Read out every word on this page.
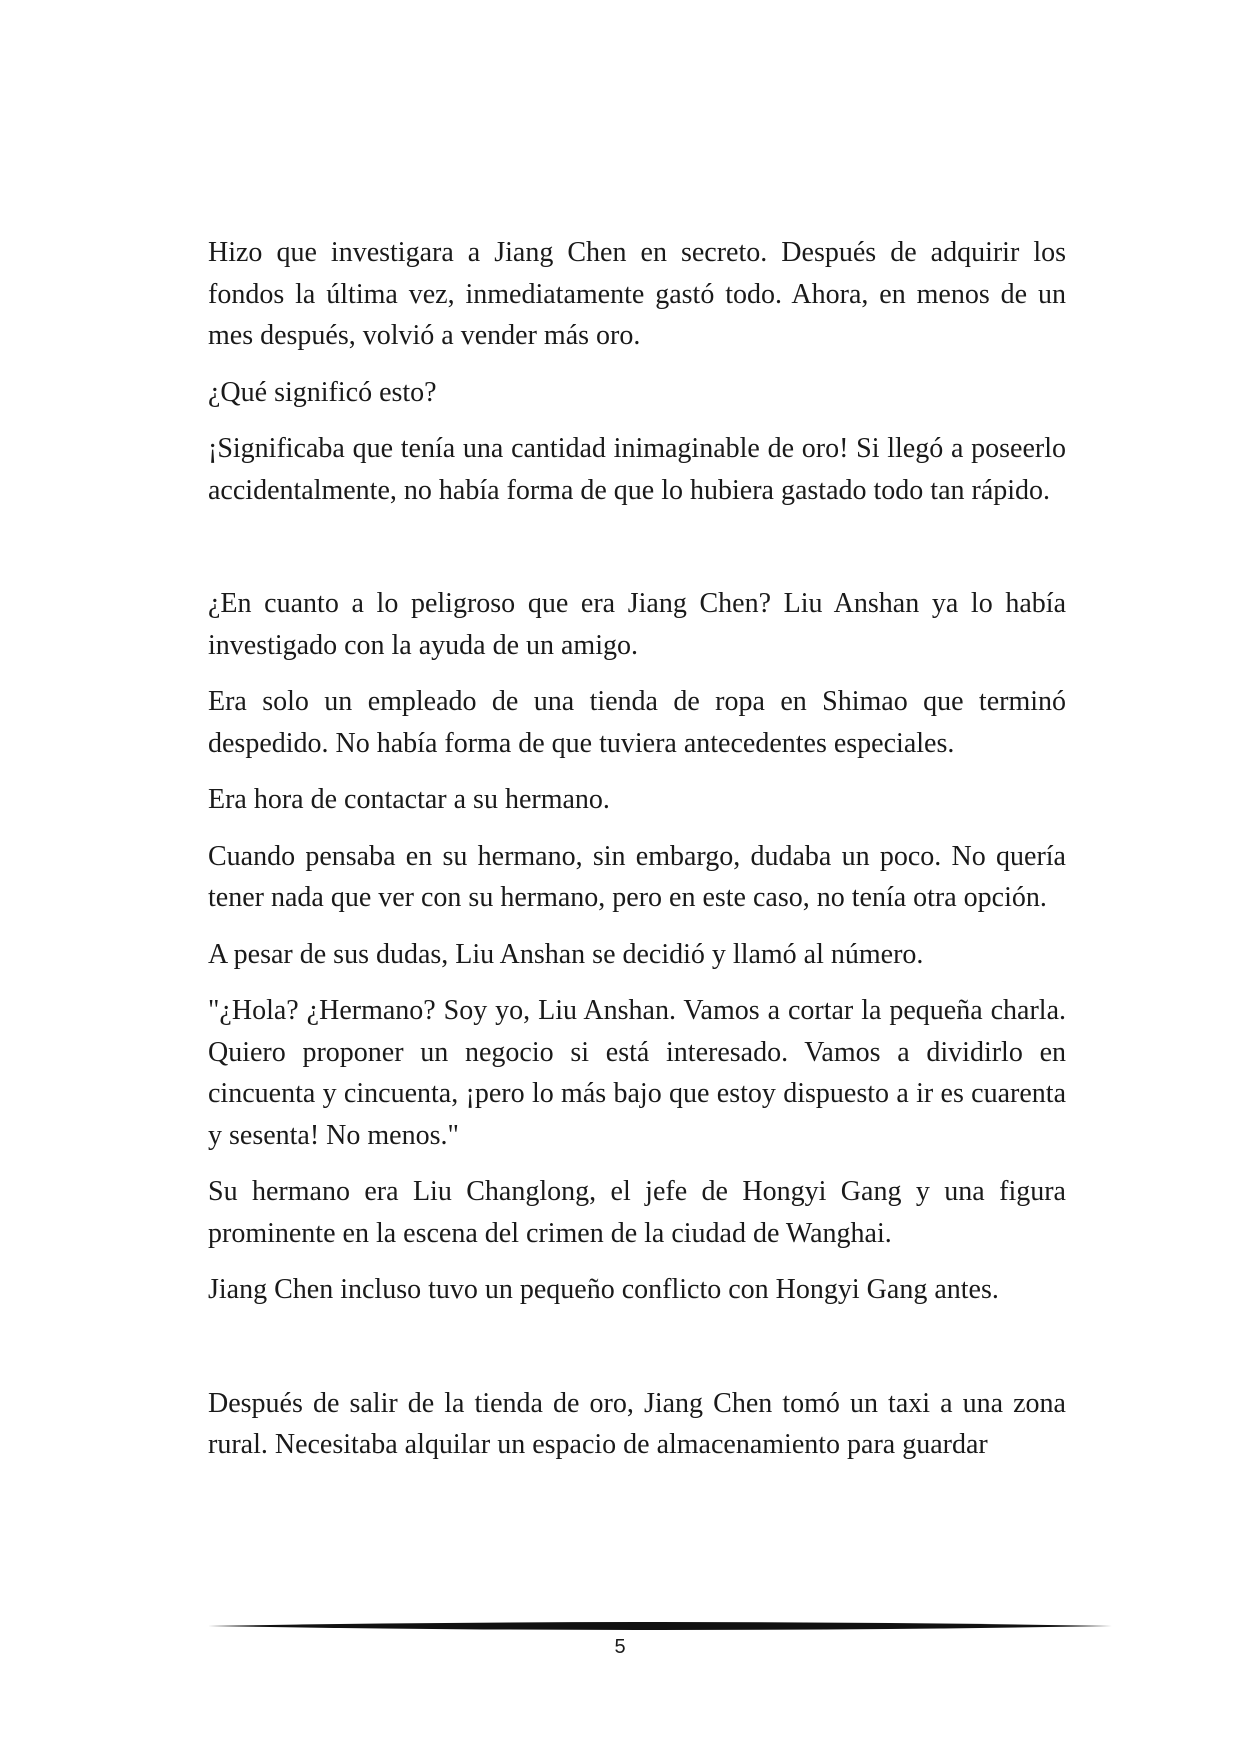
Hizo que investigara a Jiang Chen en secreto. Después de adquirir los fondos la última vez, inmediatamente gastó todo. Ahora, en menos de un mes después, volvió a vender más oro.

¿Qué significó esto?

¡Significaba que tenía una cantidad inimaginable de oro! Si llegó a poseerlo accidentalmente, no había forma de que lo hubiera gastado todo tan rápido.

¿En cuanto a lo peligroso que era Jiang Chen? Liu Anshan ya lo había investigado con la ayuda de un amigo.

Era solo un empleado de una tienda de ropa en Shimao que terminó despedido. No había forma de que tuviera antecedentes especiales.

Era hora de contactar a su hermano.

Cuando pensaba en su hermano, sin embargo, dudaba un poco. No quería tener nada que ver con su hermano, pero en este caso, no tenía otra opción.

A pesar de sus dudas, Liu Anshan se decidió y llamó al número.

"¿Hola? ¿Hermano? Soy yo, Liu Anshan. Vamos a cortar la pequeña charla. Quiero proponer un negocio si está interesado. Vamos a dividirlo en cincuenta y cincuenta, ¡pero lo más bajo que estoy dispuesto a ir es cuarenta y sesenta! No menos."

Su hermano era Liu Changlong, el jefe de Hongyi Gang y una figura prominente en la escena del crimen de la ciudad de Wanghai.

Jiang Chen incluso tuvo un pequeño conflicto con Hongyi Gang antes.

Después de salir de la tienda de oro, Jiang Chen tomó un taxi a una zona rural. Necesitaba alquilar un espacio de almacenamiento para guardar

5
